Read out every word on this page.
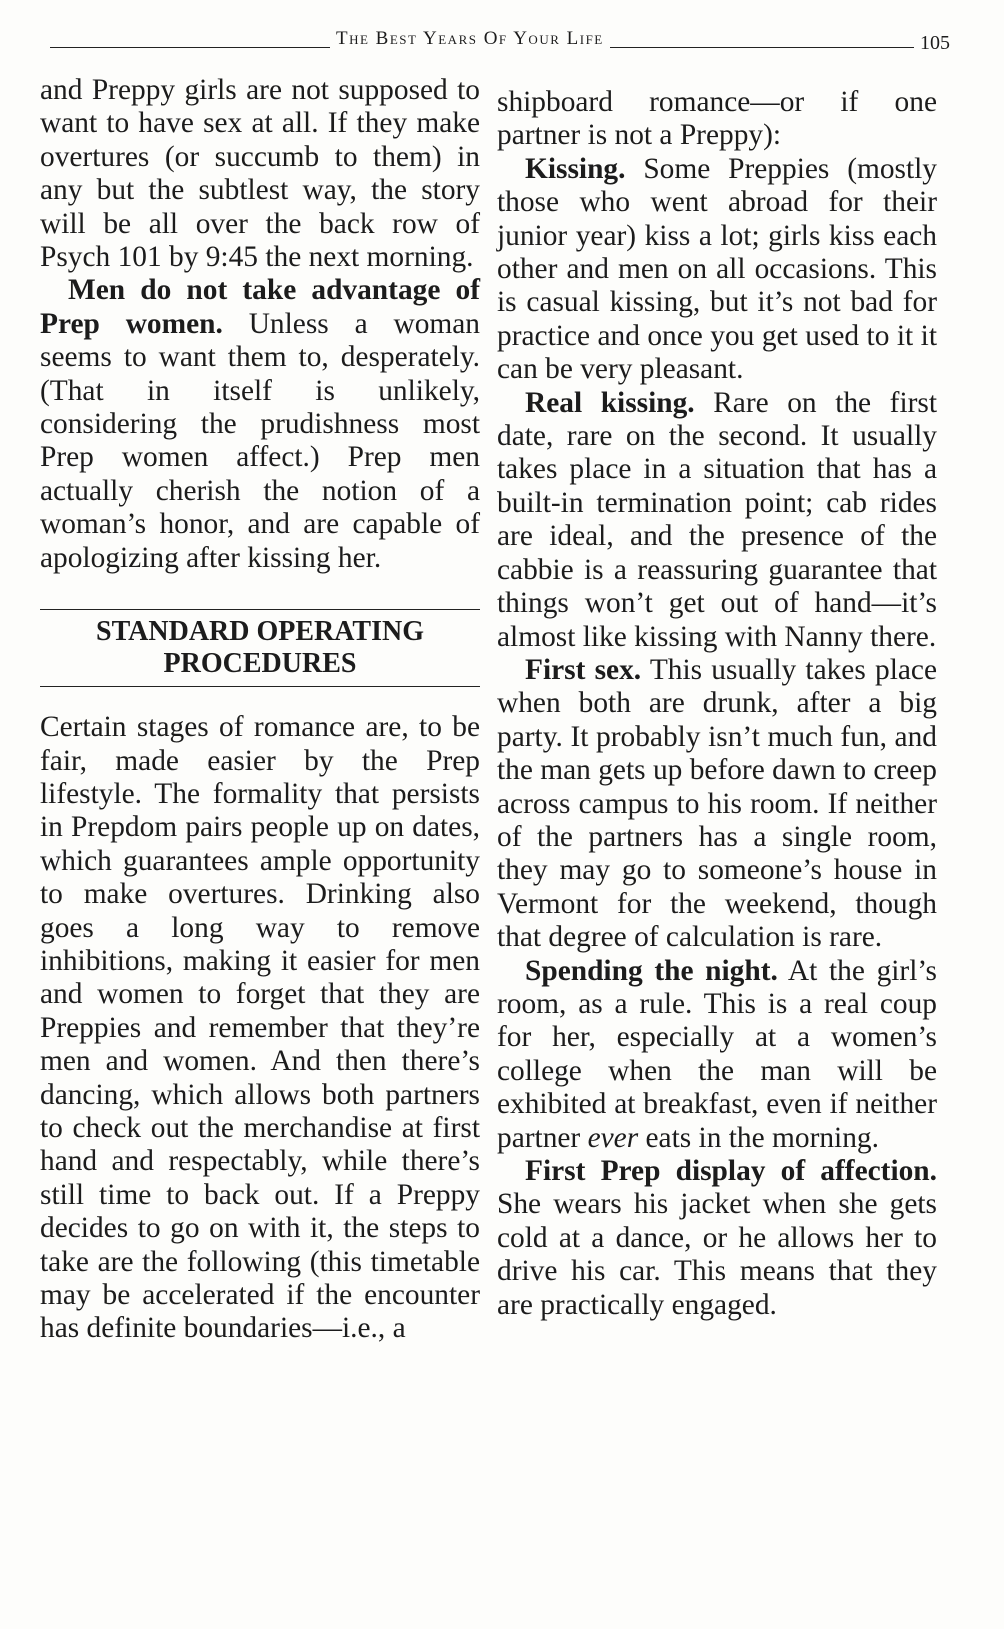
The Best Years Of Your Life	105

and Preppy girls are not supposed to want to have sex at all. If they make overtures (or succumb to them) in any but the subtlest way, the story will be all over the back row of Psych 101 by 9:45 the next morning.

Men do not take advantage of Prep women. Unless a woman seems to want them to, desperately. (That in itself is unlikely, considering the prudishness most Prep women affect.) Prep men actually cherish the notion of a woman’s honor, and are capable of apologizing after kissing her.

STANDARD OPERATING
PROCEDURES

Certain stages of romance are, to be fair, made easier by the Prep lifestyle. The formality that persists in Prepdom pairs people up on dates, which guarantees ample opportunity to make overtures. Drinking also goes a long way to remove inhibitions, making it easier for men and women to forget that they are Preppies and remember that they’re men and women. And then there’s dancing, which allows both partners to check out the merchandise at first hand and respectably, while there’s still time to back out. If a Preppy decides to go on with it, the steps to take are the following (this timetable may be accelerated if the encounter has definite boundaries—i.e., a

shipboard romance—or if one partner is not a Preppy):

Kissing. Some Preppies (mostly those who went abroad for their junior year) kiss a lot; girls kiss each other and men on all occasions. This is casual kissing, but it’s not bad for practice and once you get used to it it can be very pleasant.

Real kissing. Rare on the first date, rare on the second. It usually takes place in a situation that has a built-in termination point; cab rides are ideal, and the presence of the cabbie is a reassuring guarantee that things won’t get out of hand—it’s almost like kissing with Nanny there.

First sex. This usually takes place when both are drunk, after a big party. It probably isn’t much fun, and the man gets up before dawn to creep across campus to his room. If neither of the partners has a single room, they may go to someone’s house in Vermont for the weekend, though that degree of calculation is rare.

Spending the night. At the girl’s room, as a rule. This is a real coup for her, especially at a women’s college when the man will be exhibited at breakfast, even if neither partner ever eats in the morning.

First Prep display of affection. She wears his jacket when she gets cold at a dance, or he allows her to drive his car. This means that they are practically engaged.
